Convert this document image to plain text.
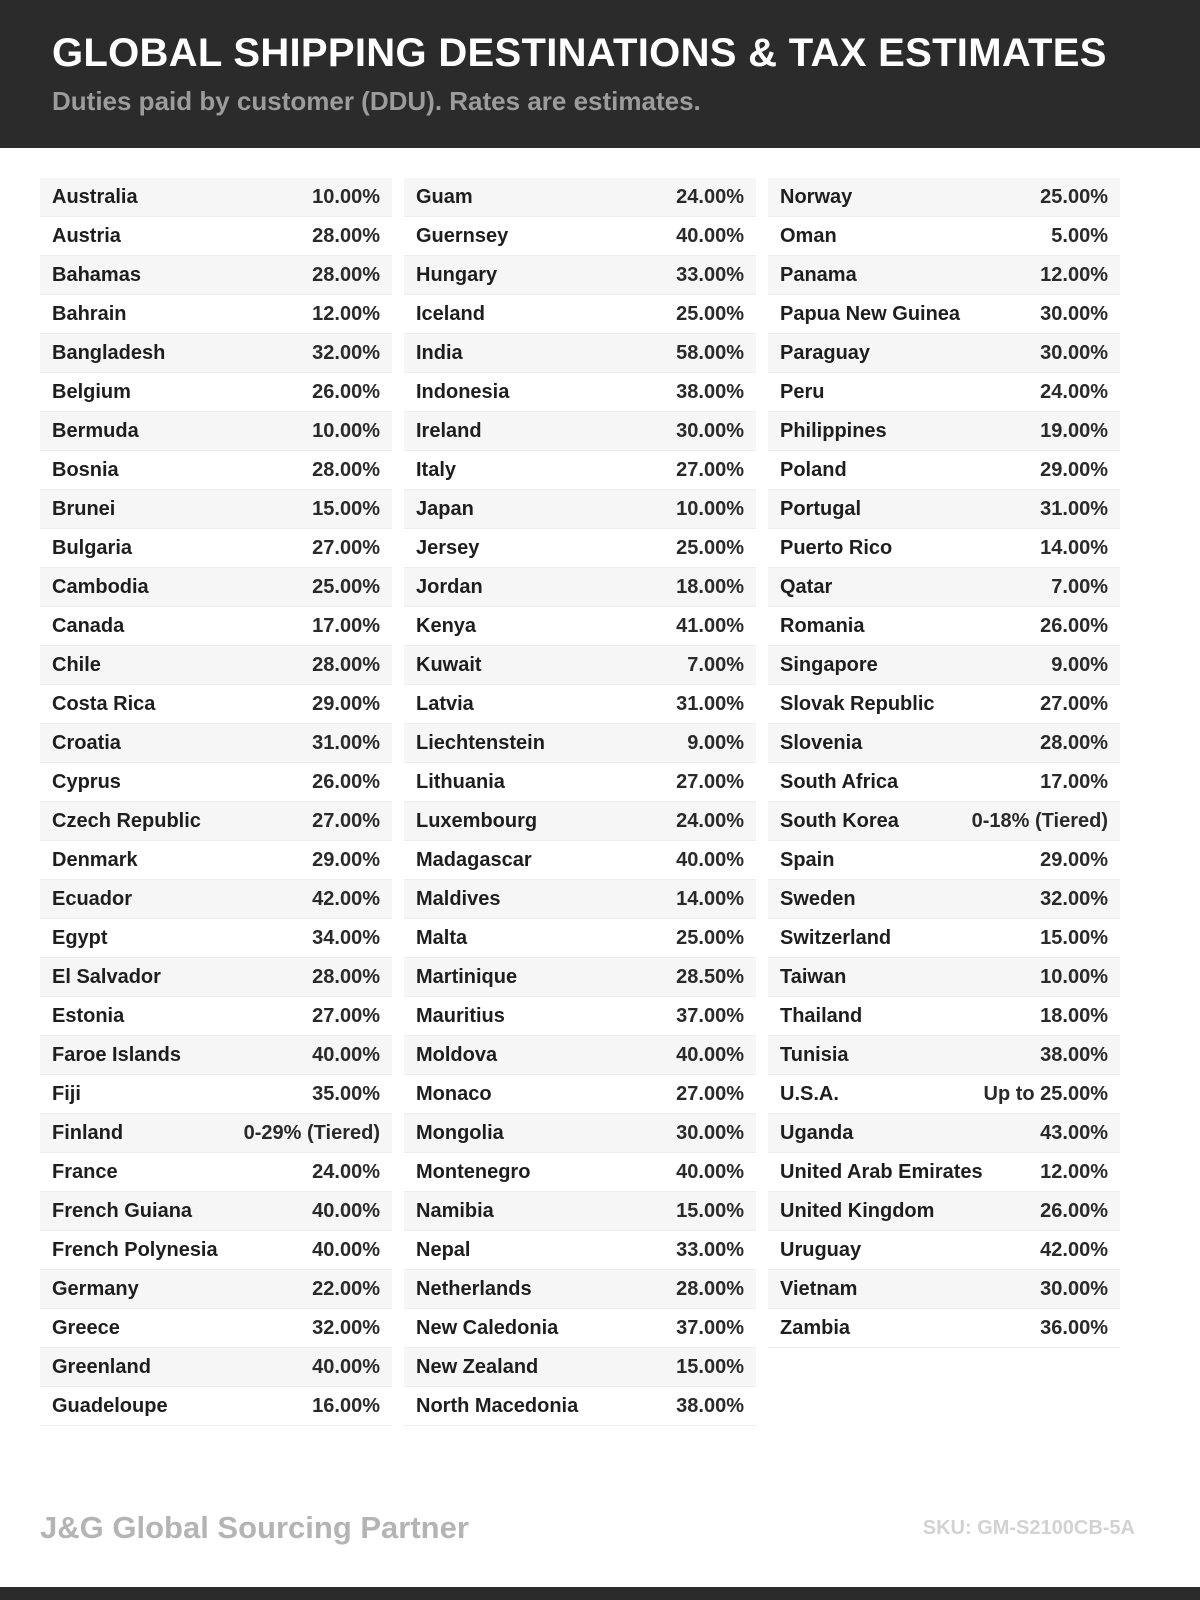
GLOBAL SHIPPING DESTINATIONS & TAX ESTIMATES
Duties paid by customer (DDU). Rates are estimates.
Australia	10.00%
Austria	28.00%
Bahamas	28.00%
Bahrain	12.00%
Bangladesh	32.00%
Belgium	26.00%
Bermuda	10.00%
Bosnia	28.00%
Brunei	15.00%
Bulgaria	27.00%
Cambodia	25.00%
Canada	17.00%
Chile	28.00%
Costa Rica	29.00%
Croatia	31.00%
Cyprus	26.00%
Czech Republic	27.00%
Denmark	29.00%
Ecuador	42.00%
Egypt	34.00%
El Salvador	28.00%
Estonia	27.00%
Faroe Islands	40.00%
Fiji	35.00%
Finland	0-29% (Tiered)
France	24.00%
French Guiana	40.00%
French Polynesia	40.00%
Germany	22.00%
Greece	32.00%
Greenland	40.00%
Guadeloupe	16.00%
Guam	24.00%
Guernsey	40.00%
Hungary	33.00%
Iceland	25.00%
India	58.00%
Indonesia	38.00%
Ireland	30.00%
Italy	27.00%
Japan	10.00%
Jersey	25.00%
Jordan	18.00%
Kenya	41.00%
Kuwait	7.00%
Latvia	31.00%
Liechtenstein	9.00%
Lithuania	27.00%
Luxembourg	24.00%
Madagascar	40.00%
Maldives	14.00%
Malta	25.00%
Martinique	28.50%
Mauritius	37.00%
Moldova	40.00%
Monaco	27.00%
Mongolia	30.00%
Montenegro	40.00%
Namibia	15.00%
Nepal	33.00%
Netherlands	28.00%
New Caledonia	37.00%
New Zealand	15.00%
North Macedonia	38.00%
Norway	25.00%
Oman	5.00%
Panama	12.00%
Papua New Guinea	30.00%
Paraguay	30.00%
Peru	24.00%
Philippines	19.00%
Poland	29.00%
Portugal	31.00%
Puerto Rico	14.00%
Qatar	7.00%
Romania	26.00%
Singapore	9.00%
Slovak Republic	27.00%
Slovenia	28.00%
South Africa	17.00%
South Korea	0-18% (Tiered)
Spain	29.00%
Sweden	32.00%
Switzerland	15.00%
Taiwan	10.00%
Thailand	18.00%
Tunisia	38.00%
U.S.A.	Up to 25.00%
Uganda	43.00%
United Arab Emirates	12.00%
United Kingdom	26.00%
Uruguay	42.00%
Vietnam	30.00%
Zambia	36.00%
J&G Global Sourcing Partner	SKU: GM-S2100CB-5A
